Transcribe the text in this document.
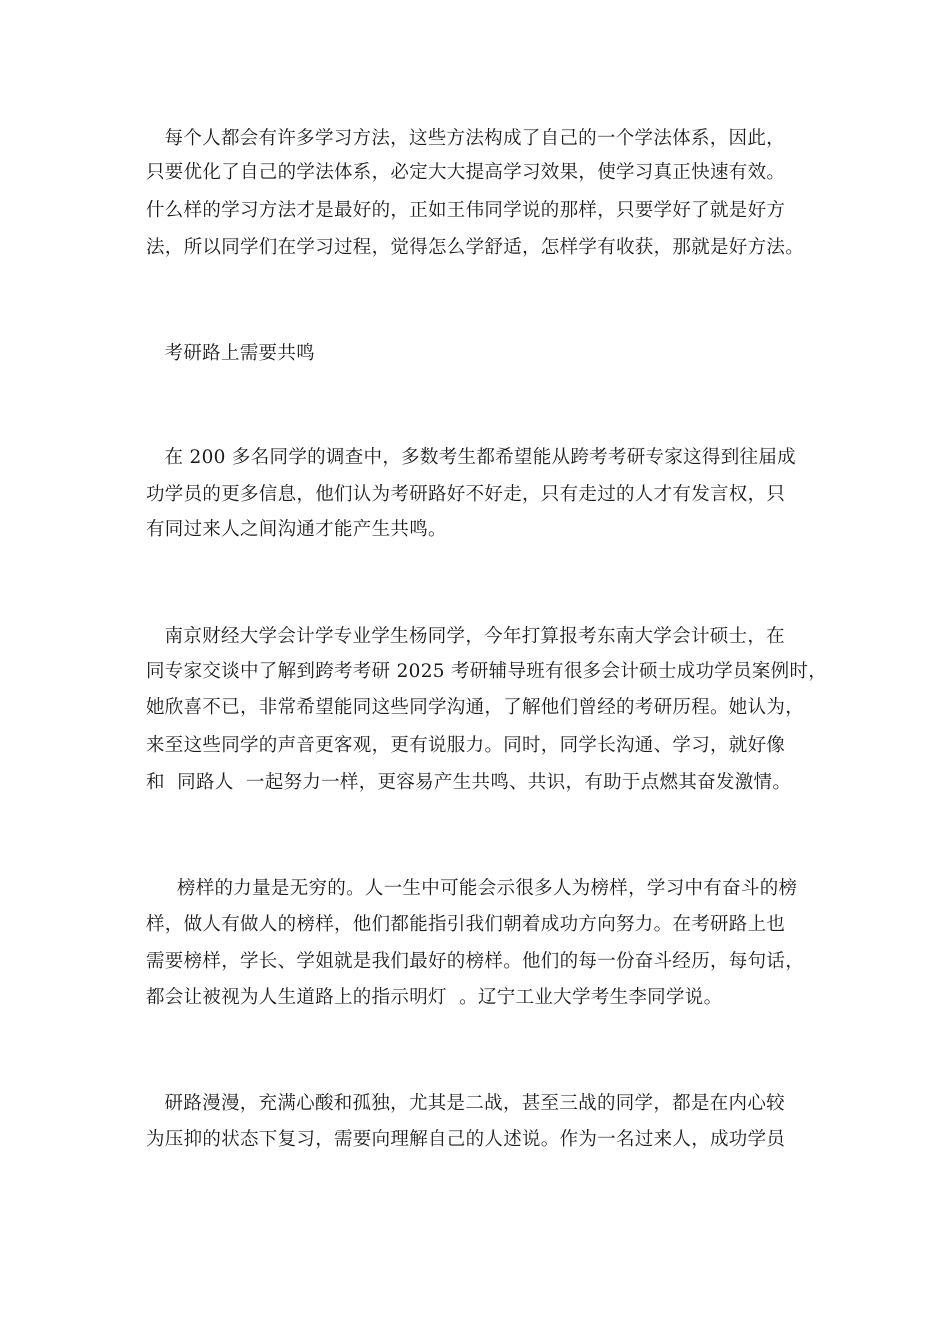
每个人都会有许多学习方法，这些方法构成了自己的一个学法体系，因此，
只要优化了自己的学法体系，必定大大提高学习效果，使学习真正快速有效。
什么样的学习方法才是最好的，正如王伟同学说的那样，只要学好了就是好方
法，所以同学们在学习过程，觉得怎么学舒适，怎样学有收获，那就是好方法。
考研路上需要共鸣
在 200 多名同学的调查中，多数考生都希望能从跨考考研专家这得到往届成
功学员的更多信息，他们认为考研路好不好走，只有走过的人才有发言权，只
有同过来人之间沟通才能产生共鸣。
南京财经大学会计学专业学生杨同学，今年打算报考东南大学会计硕士，在
同专家交谈中了解到跨考考研 2025 考研辅导班有很多会计硕士成功学员案例时，
她欣喜不已，非常希望能同这些同学沟通，了解他们曾经的考研历程。她认为，
来至这些同学的声音更客观，更有说服力。同时，同学长沟通、学习，就好像
和  同路人  一起努力一样，更容易产生共鸣、共识，有助于点燃其奋发激情。
榜样的力量是无穷的。人一生中可能会示很多人为榜样，学习中有奋斗的榜
样，做人有做人的榜样，他们都能指引我们朝着成功方向努力。在考研路上也
需要榜样，学长、学姐就是我们最好的榜样。他们的每一份奋斗经历，每句话，
都会让被视为人生道路上的指示明灯  。辽宁工业大学考生李同学说。
研路漫漫，充满心酸和孤独，尤其是二战，甚至三战的同学，都是在内心较
为压抑的状态下复习，需要向理解自己的人述说。作为一名过来人，成功学员
